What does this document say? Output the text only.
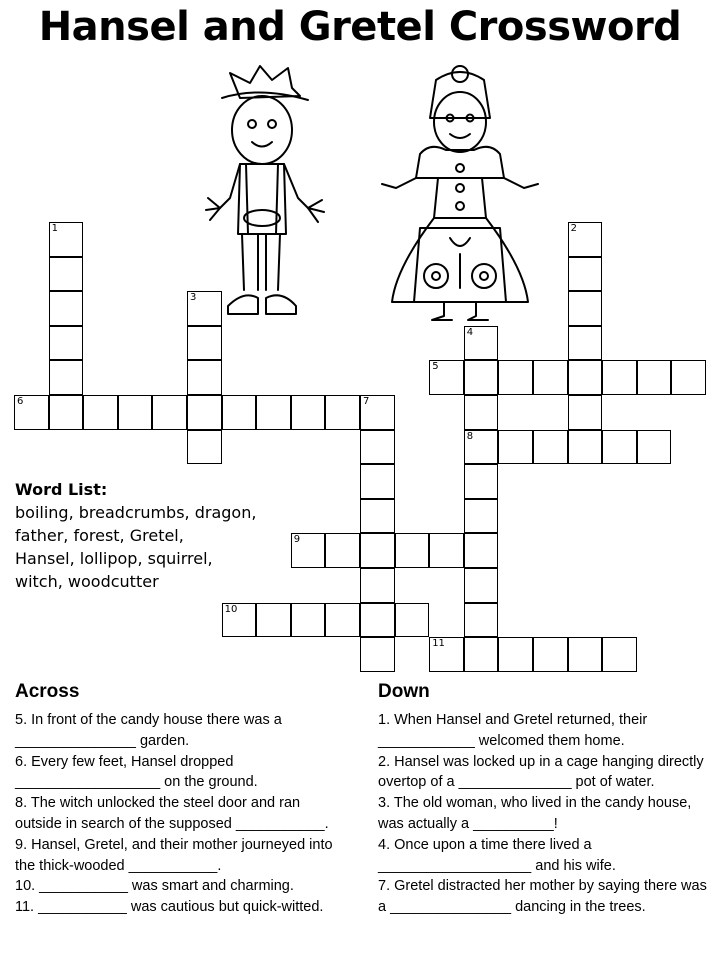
Hansel and Gretel Crossword
1	2
3
4
8
5
6	7
9
10
11
Word List:
boiling, breadcrumbs, dragon,
father, forest, Gretel,
Hansel, lollipop, squirrel,
witch, woodcutter
Across

5. In front of the candy house there was a _______________ garden.

6. Every few feet, Hansel dropped __________________ on the ground.

8. The witch unlocked the steel door and ran outside in search of the supposed ___________.

9. Hansel, Gretel, and their mother journeyed into the thick-wooded ___________.

10. ___________ was smart and charming.

11. ___________ was cautious but quick-witted.

Down

1. When Hansel and Gretel returned, their ____________ welcomed them home.

2. Hansel was locked up in a cage hanging directly overtop of a ______________ pot of water.

3. The old woman, who lived in the candy house, was actually a __________!

4. Once upon a time there lived a ___________________ and his wife.

7. Gretel distracted her mother by saying there was a _______________ dancing in the trees.
